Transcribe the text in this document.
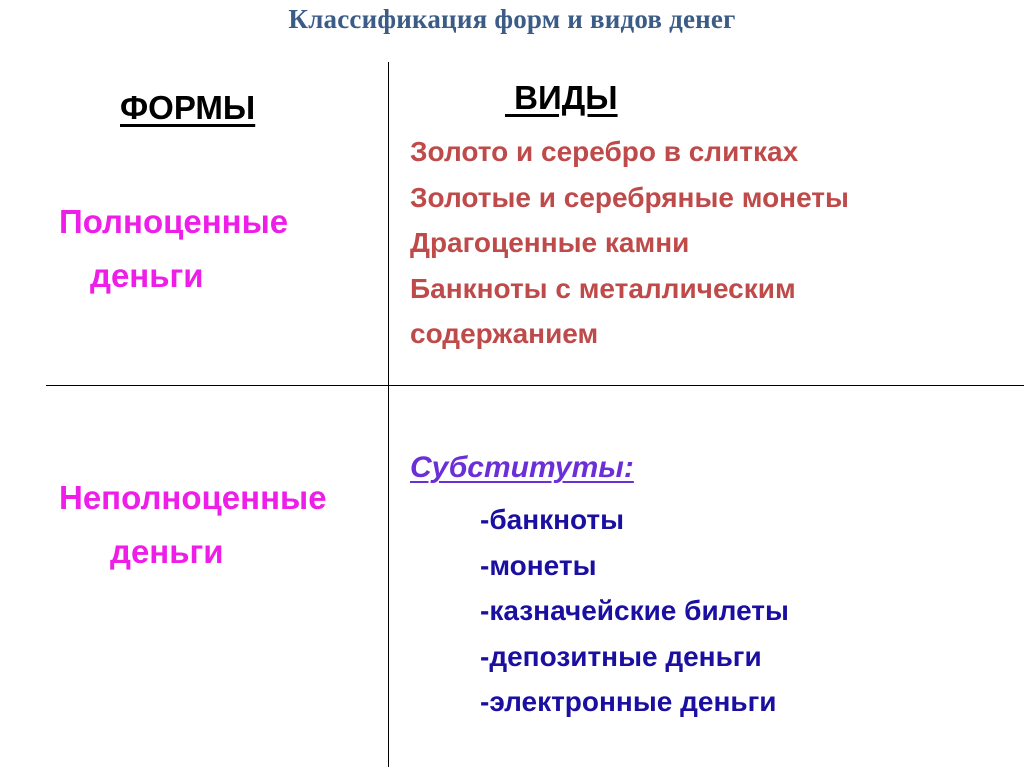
Классификация форм и видов денег
ФОРМЫ	ВИДЫ
Полноценные
деньги
Золото и серебро в слитках
Золотые и серебряные монеты
Драгоценные камни
Банкноты с металлическим
содержанием
Неполноценные
деньги
Субституты:
-банкноты
-монеты
-казначейские билеты
-депозитные деньги
-электронные деньги
